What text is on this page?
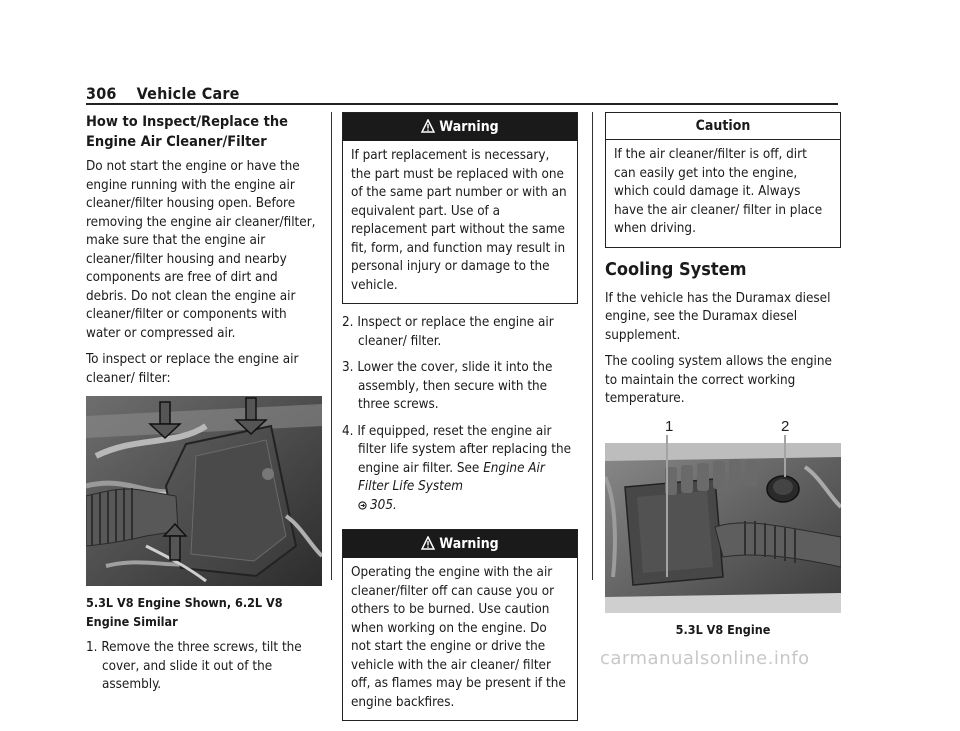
306 Vehicle Care
How to Inspect/Replace the Engine Air Cleaner/Filter

Do not start the engine or have the engine running with the engine air cleaner/filter housing open. Before removing the engine air cleaner/filter, make sure that the engine air cleaner/filter housing and nearby components are free of dirt and debris. Do not clean the engine air cleaner/filter or components with water or compressed air.

To inspect or replace the engine air cleaner/ filter:

5.3L V8 Engine Shown, 6.2L V8 Engine Similar
1. Remove the three screws, tilt the cover, and slide it out of the assembly.
Warning
If part replacement is necessary, the part must be replaced with one of the same part number or with an equivalent part. Use of a replacement part without the same fit, form, and function may result in personal injury or damage to the vehicle.
2. Inspect or replace the engine air cleaner/ filter.
3. Lower the cover, slide it into the assembly, then secure with the three screws.
4. If equipped, reset the engine air filter life system after replacing the engine air filter. See Engine Air Filter Life System
305.
Warning
Operating the engine with the air cleaner/filter off can cause you or others to be burned. Use caution when working on the engine. Do not start the engine or drive the vehicle with the air cleaner/ filter off, as flames may be present if the engine backfires.
Caution
If the air cleaner/filter is off, dirt can easily get into the engine, which could damage it. Always have the air cleaner/ filter in place when driving.
Cooling System

If the vehicle has the Duramax diesel engine, see the Duramax diesel supplement.

The cooling system allows the engine to maintain the correct working temperature.

1	2
5.3L V8 Engine
carmanualsonline.info
